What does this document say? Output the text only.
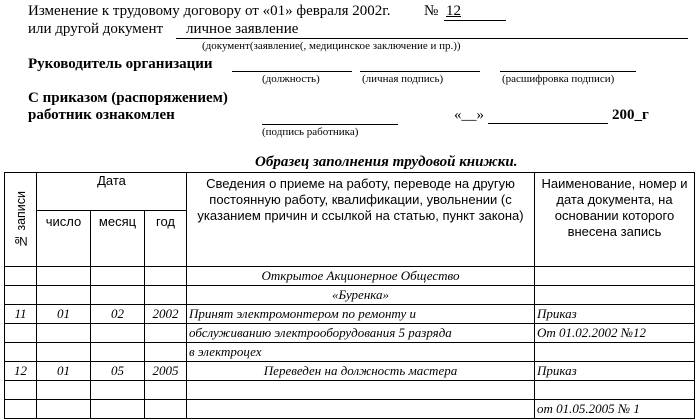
Изменение к трудовому договору от «01» февраля 2002г. № 12
или другой документ личное заявление
(документ(заявление(, медицинское заключение и пр.))
Руководитель организации
(должность)	(личная подпись)	(расшифровка подписи)
С приказом (распоряжением)
работник ознакомлен	«__»	200_г
(подпись работника)
Образец заполнения трудовой книжки.
№ записи	Дата			Сведения о приеме на работу, переводе на другую постоянную работу, квалификации, увольнении (с указанием причин и ссылкой на статью, пункт закона)	Наименование, номер и дата документа, на основании которого внесена запись
	число	месяц	год		
				Открытое Акционерное Общество	
				«Буренка»	
11	01	02	2002	Принят электромонтером по ремонту и	Приказ
				обслуживанию электрооборудования 5 разряда	От 01.02.2002 №12
				в электроцех	
12	01	05	2005	Переведен на должность мастера	Приказ

					от 01.05.2005 № 1
